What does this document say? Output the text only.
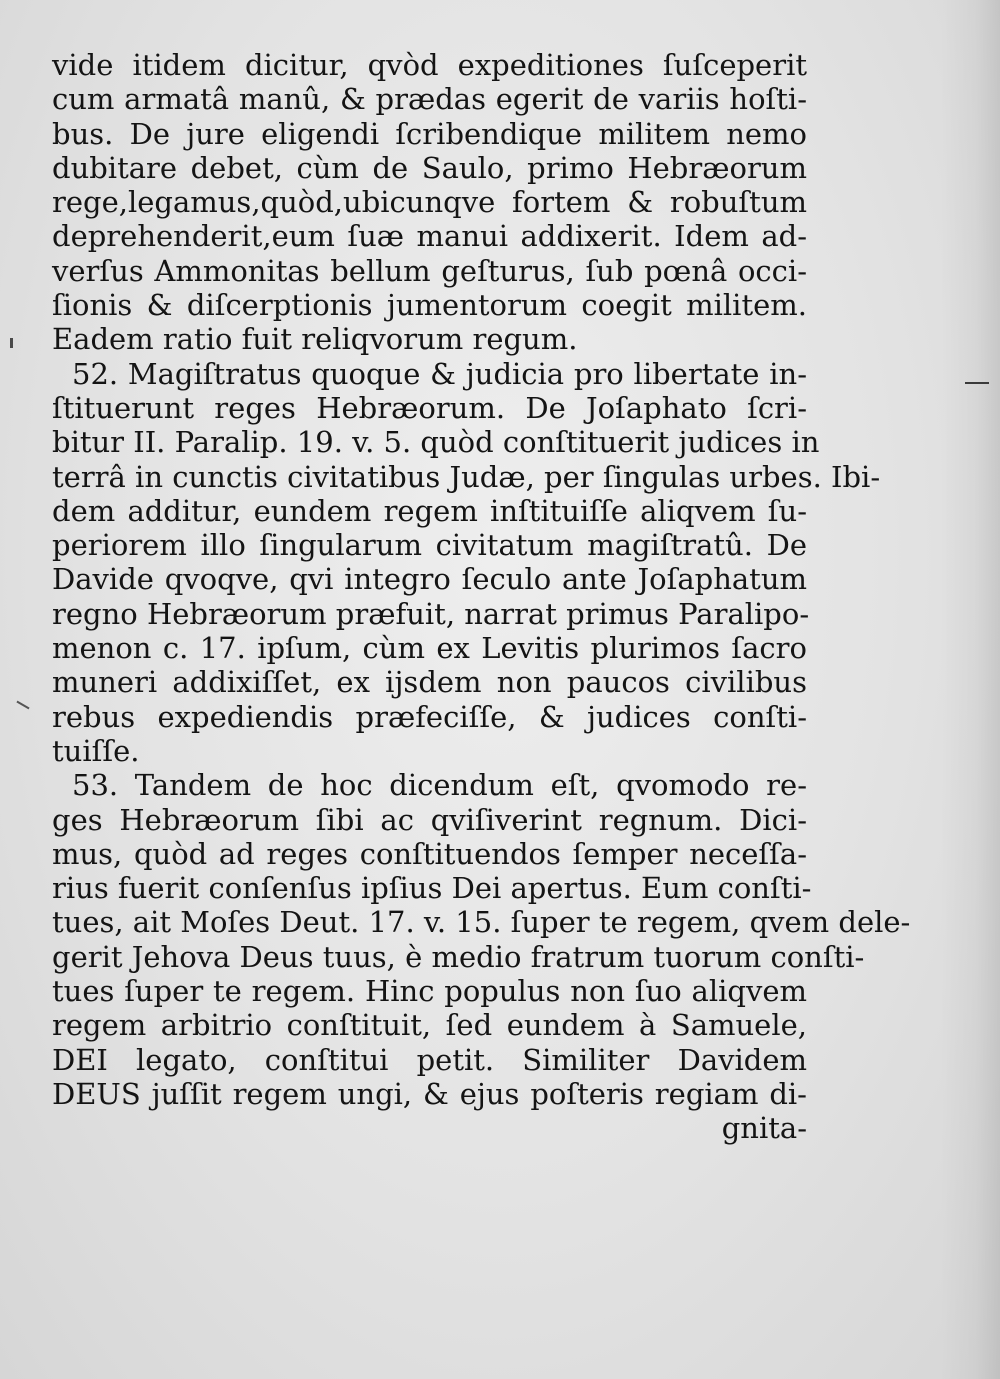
vide itidem dicitur, qvòd expeditiones ſuſceperit
cum armatâ manû, & prædas egerit de variis hoſti-
bus. De jure eligendi ſcribendique militem nemo
dubitare debet, cùm de Saulo, primo Hebræorum
rege,legamus,quòd,ubicunqve fortem & robuſtum
deprehenderit,eum ſuæ manui addixerit. Idem ad-
verſus Ammonitas bellum geſturus, ſub pœnâ occi-
ſionis & diſcerptionis jumentorum coegit militem.
Eadem ratio fuit reliqvorum regum.
52. Magiſtratus quoque & judicia pro libertate in-
ſtituerunt reges Hebræorum. De Joſaphato ſcri-
bitur II. Paralip. 19. v. 5. quòd conſtituerit judices in
terrâ in cunctis civitatibus Judæ, per ſingulas urbes. Ibi-
dem additur, eundem regem inſtituiſſe aliqvem ſu-
periorem illo ſingularum civitatum magiſtratû. De
Davide qvoqve, qvi integro ſeculo ante Joſaphatum
regno Hebræorum præfuit, narrat primus Paralipo-
menon c. 17. ipſum, cùm ex Levitis plurimos ſacro
muneri addixiſſet, ex ijsdem non paucos civilibus
rebus expediendis præfeciſſe, & judices conſti-
tuiſſe.
53. Tandem de hoc dicendum eſt, qvomodo re-
ges Hebræorum ſibi ac qviſiverint regnum. Dici-
mus, quòd ad reges conſtituendos ſemper neceſſa-
rius fuerit conſenſus ipſius Dei apertus. Eum conſti-
tues, ait Moſes Deut. 17. v. 15. ſuper te regem, qvem dele-
gerit Jehova Deus tuus, è medio fratrum tuorum conſti-
tues ſuper te regem. Hinc populus non ſuo aliqvem
regem arbitrio conſtituit, ſed eundem à Samuele,
DEI legato, conſtitui petit. Similiter Davidem
DEUS juſſit regem ungi, & ejus poſteris regiam di-
gnita-
